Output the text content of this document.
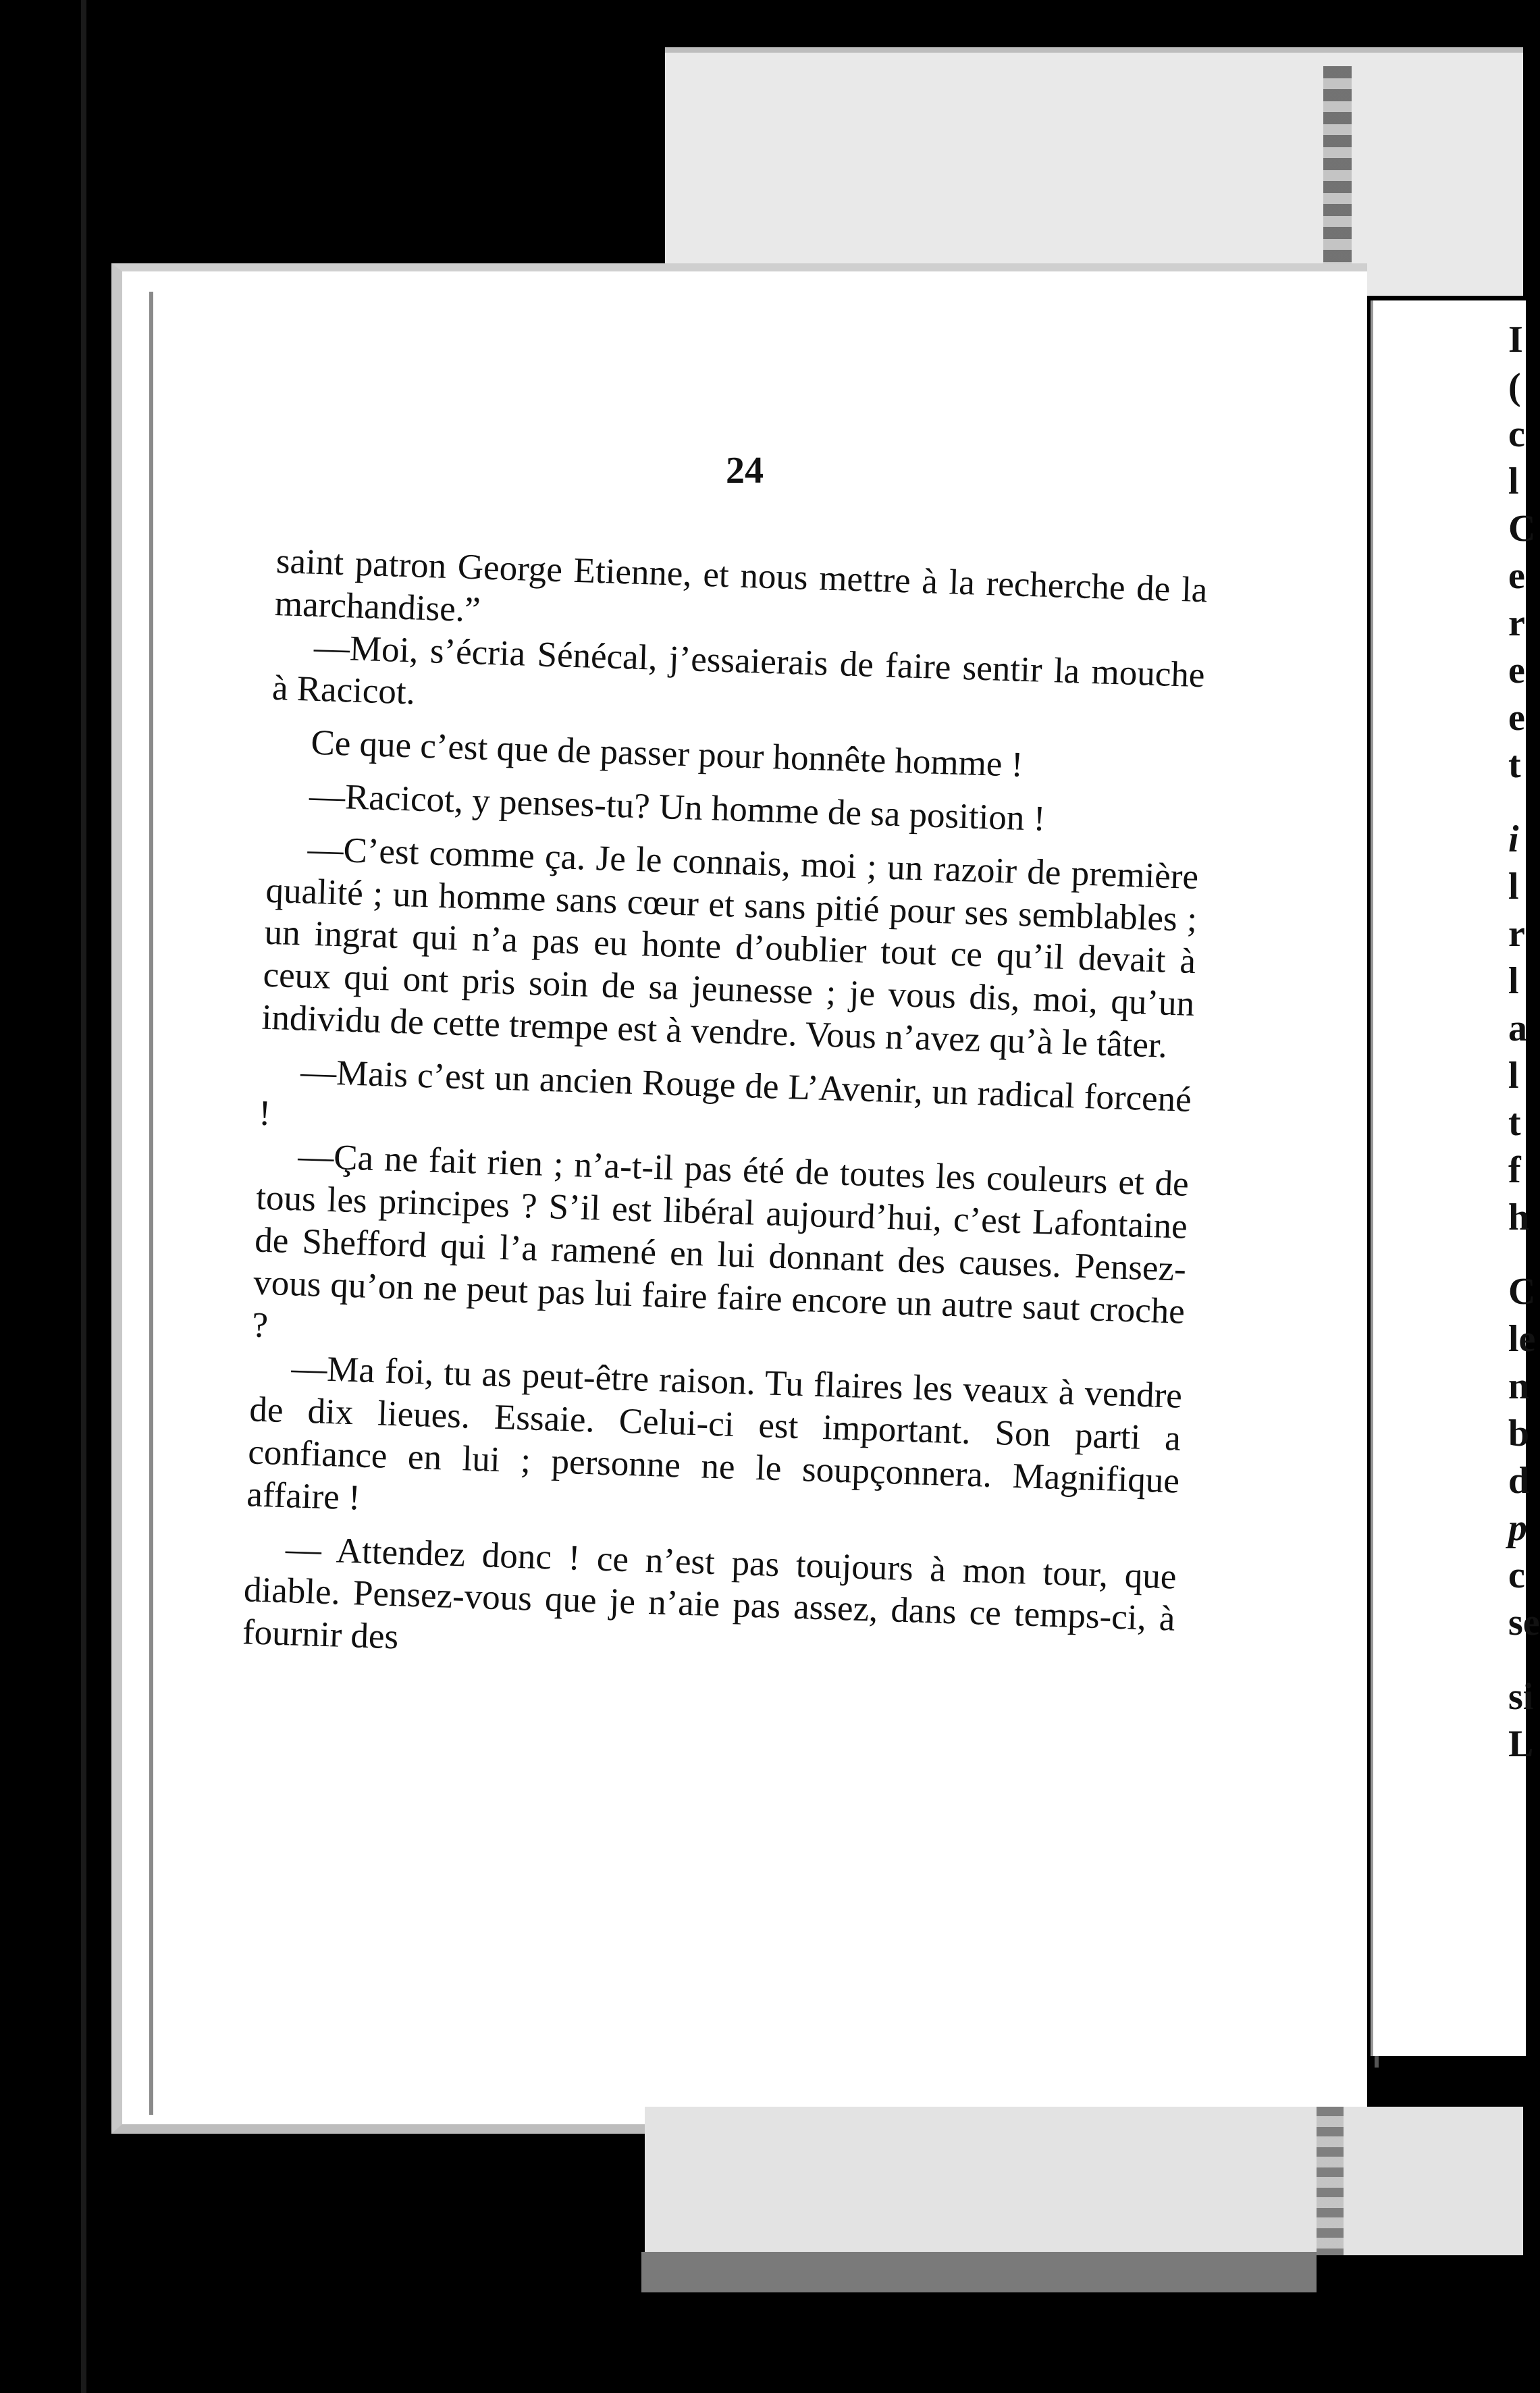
I
(
c
l
C
e
r
e
e
t
i
l
r
l
a
l
t
f
h
C
le
n
b
d
p
c
se
si
L
24

saint patron George Etienne, et nous mettre à la recherche de la marchandise.”

—Moi, s’écria Sénécal, j’essaierais de faire sentir la mouche à Racicot.

Ce que c’est que de passer pour honnête homme !

—Racicot, y penses-tu? Un homme de sa position !

—C’est comme ça. Je le connais, moi ; un razoir de première qualité ; un homme sans cœur et sans pitié pour ses semblables ; un ingrat qui n’a pas eu honte d’oublier tout ce qu’il devait à ceux qui ont pris soin de sa jeunesse ; je vous dis, moi, qu’un individu de cette trempe est à vendre. Vous n’avez qu’à le tâter.

—Mais c’est un ancien Rouge de L’Avenir, un radical forcené !

—Ça ne fait rien ; n’a-t-il pas été de toutes les couleurs et de tous les principes ? S’il est libéral aujourd’hui, c’est Lafontaine de Shefford qui l’a ramené en lui donnant des causes. Pensez-vous qu’on ne peut pas lui faire faire encore un autre saut croche ?

—Ma foi, tu as peut-être raison. Tu flaires les veaux à vendre de dix lieues. Essaie. Celui-ci est important. Son parti a confiance en lui ; personne ne le soupçonnera. Magnifique affaire !

— Attendez donc ! ce n’est pas toujours à mon tour, que diable. Pensez-vous que je n’aie pas assez, dans ce temps-ci, à fournir des
